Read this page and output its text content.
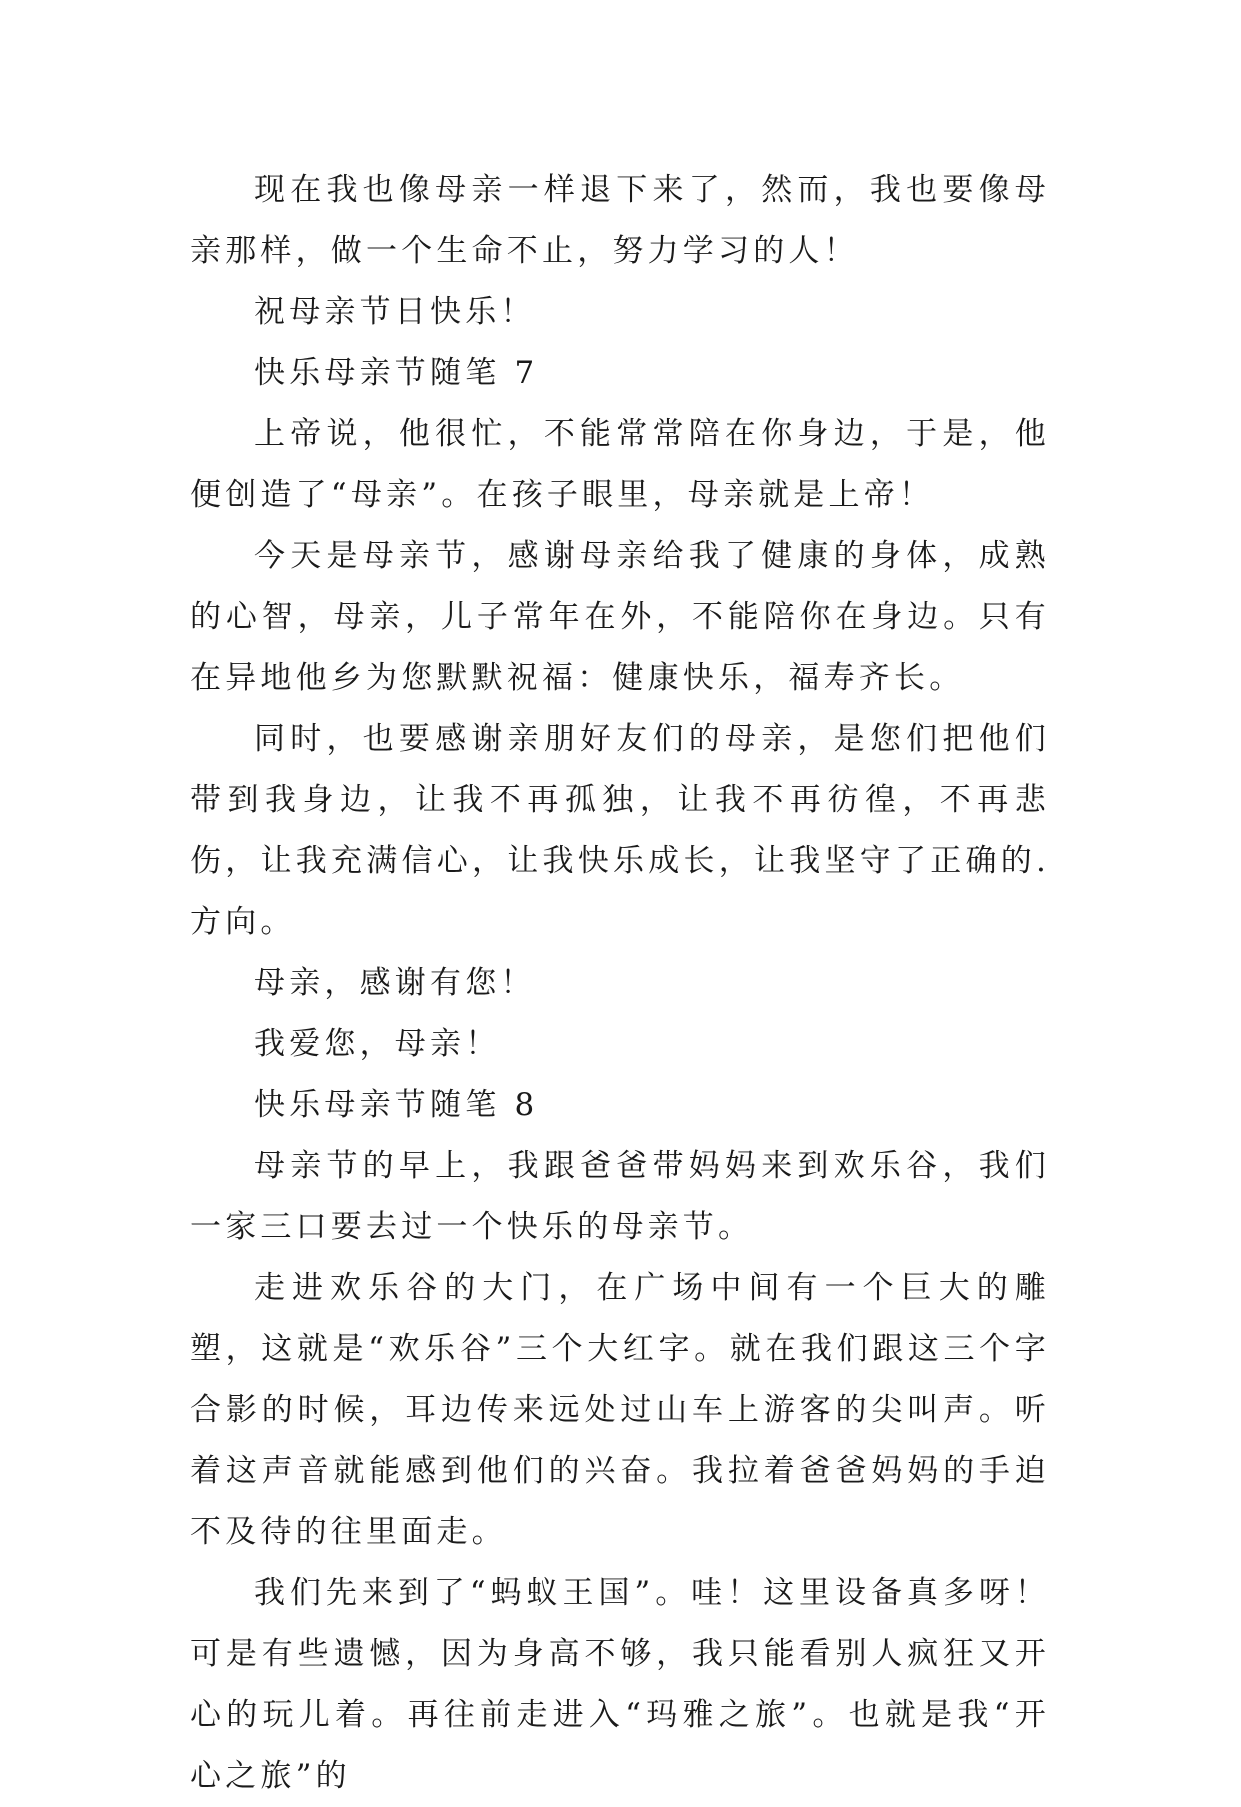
现在我也像母亲一样退下来了，然而，我也要像母亲那样，做一个生命不止，努力学习的人！

祝母亲节日快乐！

快乐母亲节随笔 7

上帝说，他很忙，不能常常陪在你身边，于是，他便创造了“母亲”。在孩子眼里，母亲就是上帝！

今天是母亲节，感谢母亲给我了健康的身体，成熟的心智，母亲，儿子常年在外，不能陪你在身边。只有在异地他乡为您默默祝福：健康快乐，福寿齐长。

同时，也要感谢亲朋好友们的母亲，是您们把他们带到我身边，让我不再孤独，让我不再彷徨，不再悲伤，让我充满信心，让我快乐成长，让我坚守了正确的.方向。

母亲，感谢有您！

我爱您，母亲！

快乐母亲节随笔 8

母亲节的早上，我跟爸爸带妈妈来到欢乐谷，我们一家三口要去过一个快乐的母亲节。

走进欢乐谷的大门，在广场中间有一个巨大的雕塑，这就是“欢乐谷”三个大红字。就在我们跟这三个字合影的时候，耳边传来远处过山车上游客的尖叫声。听着这声音就能感到他们的兴奋。我拉着爸爸妈妈的手迫不及待的往里面走。

我们先来到了“蚂蚁王国”。哇！这里设备真多呀！可是有些遗憾，因为身高不够，我只能看别人疯狂又开心的玩儿着。再往前走进入“玛雅之旅”。也就是我“开心之旅”的
